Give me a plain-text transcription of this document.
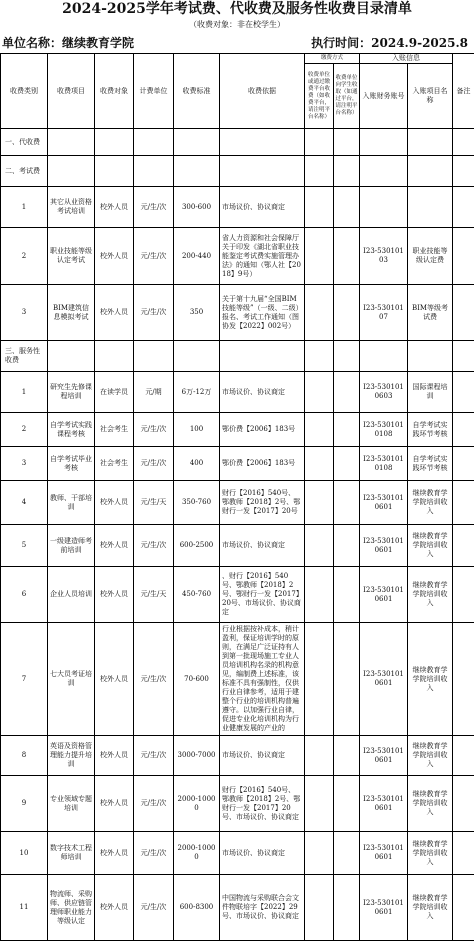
2024-2025学年考试费、代收费及服务性收费目录清单
（收费对象：非在校学生）
单位名称：继续教育学院	执行时间：2024.9-2025.8
收费类别	收费项目	收费对象	计费单位	收费标准	收费依据	缴费方式		入账信息		备注
						收费单位或通过缴费平台收费（如收费平台，请注明平台名称）	收费单位向学生收取（如通过平台，请注明平台名称）	入账财务账号	入账项目名称	
一、代收费										
二、考试费										
1	其它从业资格考试培训	校外人员	元/生/次	300-600	市场议价、协议商定					
2	职业技能等级认定考试	校外人员	元/生/次	200-440	省人力资源和社会保障厅关于印发《湖北省职业技能鉴定考试费实施管理办法》的通知（鄂人社【2018】9号）			I23-53010103	职业技能等级认定费	
3	BIM建筑信息模拟考试	校外人员	元/生/次	350	关于第十九届“全国BIM技能等级”（一级、二级）报名、考试工作通知（图协发【2022】002号）			I23-53010107	BIM等级考试费	
三、服务性收费										
1	研究生先修课程培训	在读学员	元/期	6万-12万	市场议价、协议商定			I23-5301010603	国际课程培训	
2	自学考试实践课程考核	社会考生	元/生/次	100	鄂价费【2006】183号			I23-5301010108	自学考试实践环节考核	
3	自学考试毕业考核	社会考生	元/生/次	400	鄂价费【2006】183号			I23-5301010108	自学考试实践环节考核	
4	教师、干部培训	校外人员	元/生/天	350-760	财行【2016】540号、鄂教师【2018】2号、鄂财行一发【2017】20号			I23-5301010601	继续教育学学院培训收入	
5	一级建造师考前培训	校外人员	元/生/次	600-2500	市场议价、协议商定			I23-5301010601	继续教育学学院培训收入	
6	企业人员培训	校外人员	元/生/天	450-760	、财行【2016】540号、鄂教师【2018】2号、鄂财行一发【2017】20号、市场议价、协议商定			I23-5301010601	继续教育学学院培训收入	
7	七大员考证培训	校外人员	元/生/次	70-600	行业根据按补成本，稍计盈利，保证培训学时的原则，在满足广泛证持有人到第一批现场施工专业人员培训机构名录的机构意见，编制费上述标准，该标准不具有强制性，仅供行业自律参考，适用于建整个行业的培训机构普遍遵守。以加强行业自律，促进专业化培训机构为行业健康发展的产业的			I23-5301010601	继续教育学学院培训收入	
8	英语及资格管理能力提升培训	校外人员	元/生/次	3000-7000	市场议价、协议商定			I23-5301010601	继续教育学学院培训收入	
9	专业领域专题培训	校外人员	元/生/次	2000-10000	财行【2016】540号、鄂教师【2018】2号、鄂财行一发【2017】20号、市场议价、协议商定			I23-5301010601	继续教育学学院培训收入	
10	数字技术工程师培训	校外人员	元/生/次	2000-10000	市场议价、协议商定			I23-5301010601	继续教育学学院培训收入	
11	物流师、采购师、供应链管理师职业能力等级认定	校外人员	元/生/次	600-8300	中国物流与采购联合会文件物联培字【2022】29号、市场议价、协议商定			I23-5301010601	继续教育学学院培训收入	
